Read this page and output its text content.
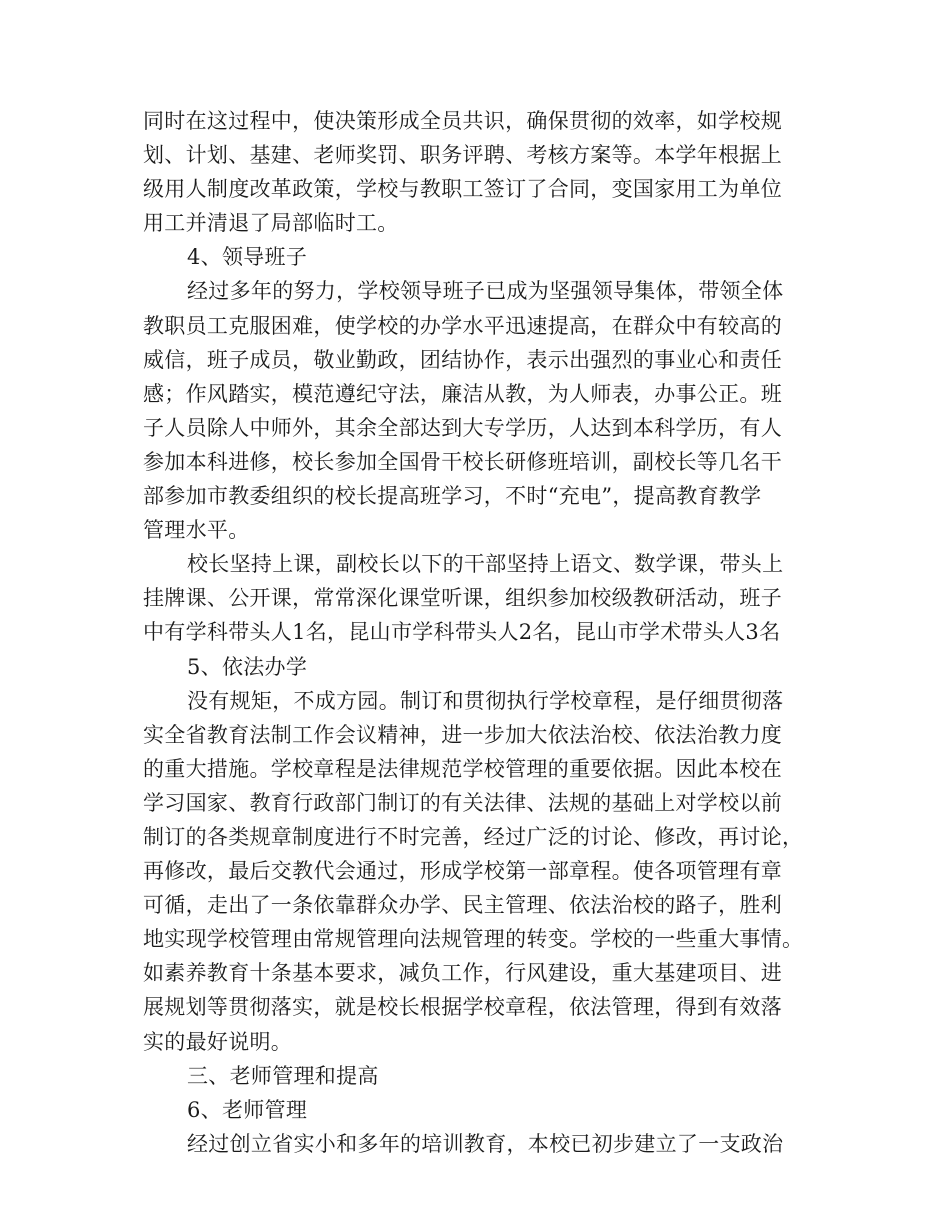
同时在这过程中，使决策形成全员共识，确保贯彻的效率，如学校规
划、计划、基建、老师奖罚、职务评聘、考核方案等。本学年根据上
级用人制度改革政策，学校与教职工签订了合同，变国家用工为单位
用工并清退了局部临时工。
4、领导班子
经过多年的努力，学校领导班子已成为坚强领导集体，带领全体
教职员工克服困难，使学校的办学水平迅速提高，在群众中有较高的
威信，班子成员，敬业勤政，团结协作，表示出强烈的事业心和责任
感；作风踏实，模范遵纪守法，廉洁从教，为人师表，办事公正。班
子人员除人中师外，其余全部达到大专学历，人达到本科学历，有人
参加本科进修，校长参加全国骨干校长研修班培训，副校长等几名干
部参加市教委组织的校长提高班学习，不时“充电”，提高教育教学
管理水平。
校长坚持上课，副校长以下的干部坚持上语文、数学课，带头上
挂牌课、公开课，常常深化课堂听课，组织参加校级教研活动，班子
中有学科带头人1名，昆山市学科带头人2名，昆山市学术带头人3名
5、依法办学
没有规矩，不成方园。制订和贯彻执行学校章程，是仔细贯彻落
实全省教育法制工作会议精神，进一步加大依法治校、依法治教力度
的重大措施。学校章程是法律规范学校管理的重要依据。因此本校在
学习国家、教育行政部门制订的有关法律、法规的基础上对学校以前
制订的各类规章制度进行不时完善，经过广泛的讨论、修改，再讨论，
再修改，最后交教代会通过，形成学校第一部章程。使各项管理有章
可循，走出了一条依靠群众办学、民主管理、依法治校的路子，胜利
地实现学校管理由常规管理向法规管理的转变。学校的一些重大事情。
如素养教育十条基本要求，减负工作，行风建设，重大基建项目、进
展规划等贯彻落实，就是校长根据学校章程，依法管理，得到有效落
实的最好说明。
三、老师管理和提高
6、老师管理
经过创立省实小和多年的培训教育，本校已初步建立了一支政治
